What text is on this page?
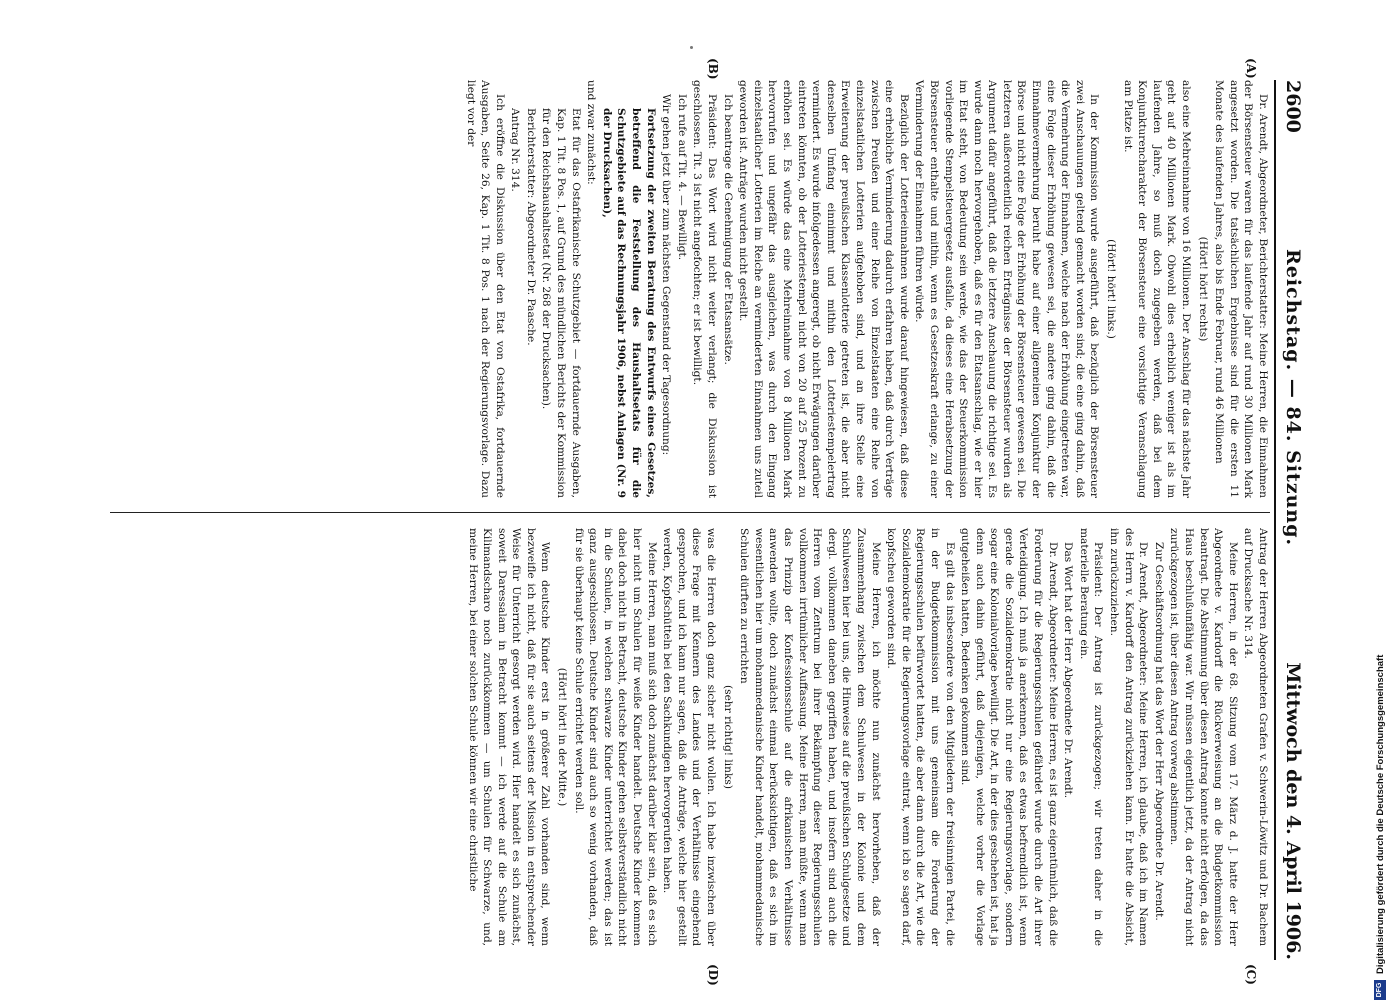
2600
Reichstag. — 84. Sitzung.
Mittwoch den 4. April 1906.
(A)
(B)
(C)
(D)

Dr. Arendt, Abgeordneter, Berichterstatter: Meine Herren, die Einnahmen der Börsensteuer waren für das laufende Jahr auf rund 30 Millionen Mark angesetzt worden. Die tatsächlichen Ergebnisse sind für die ersten 11 Monate des laufenden Jahres, also bis Ende Februar, rund 46 Millionen

(Hört! hört! rechts)

also eine Mehreinnahme von 16 Millionen. Der Anschlag für das nächste Jahr geht auf 40 Millionen Mark. Obwohl dies erheblich weniger ist als im laufenden Jahre, so muß doch zugegeben werden, daß bei dem Konjunkturencharakter der Börsensteuer eine vorsichtige Veranschlagung am Platze ist.

(Hört! hört! links.)

In der Kommission wurde ausgeführt, daß bezüglich der Börsensteuer zwei Anschauungen geltend gemacht worden sind; die eine ging dahin, daß die Vermehrung der Einnahmen, welche nach der Erhöhung eingetreten war, eine Folge dieser Erhöhung gewesen sei, die andere ging dahin, daß die Einnahmevermehrung beruht habe auf einer allgemeinen Konjunktur der Börse und nicht eine Folge der Erhöhung der Börsensteuer gewesen sei. Die letzteren außerordentlich reichen Erträgnisse der Börsensteuer wurden als Argument dafür angeführt, daß die letztere Anschauung die richtige sei. Es wurde dann noch hervorgehoben, daß es für den Etatsanschlag, wie er hier im Etat steht, von Bedeutung sein werde, wie das der Steuerkommission vorliegende Stempelsteuergesetz ausfalle, da dieses eine Herabsetzung der Börsensteuer enthalte und mithin, wenn es Gesetzeskraft erlange, zu einer Verminderung der Einnahmen führen würde.

Bezüglich der Lotterieeinnahmen wurde darauf hingewiesen, daß diese eine erhebliche Verminderung dadurch erfahren haben, daß durch Verträge zwischen Preußen und einer Reihe von Einzelstaaten eine Reihe von einzelstaatlichen Lotterien aufgehoben sind, und an ihre Stelle eine Erweiterung der preußischen Klassenlotterie getreten ist, die aber nicht denselben Umfang einnimmt und mithin den Lotteriestempelertrag vermindert. Es wurde infolgedessen angeregt, ob nicht Erwägungen darüber eintreten könnten, ob der Lotteriestempel nicht von 20 auf 25 Prozent zu erhöhen sei. Es würde das eine Mehreinnahme von 8 Millionen Mark hervorrufen und ungefähr das ausgleichen, was durch den Eingang einzelstaatlicher Lotterien im Reiche an verminderten Einnahmen uns zuteil geworden ist. Anträge wurden nicht gestellt.

Ich beantrage die Genehmigung der Etatsansätze.

Präsident: Das Wort wird nicht weiter verlangt; die Diskussion ist geschlossen. Tit. 3 ist nicht angefochten; er ist bewilligt.

Ich rufe auf Tit. 4. — Bewilligt.

Wir gehen jetzt über zum nächsten Gegenstand der Tagesordnung:

Fortsetzung der zweiten Beratung des Entwurfs eines Gesetzes, betreffend die Feststellung des Haushaltsetats für die Schutzgebiete auf das Rechnungsjahr 1906, nebst Anlagen (Nr. 9 der Drucksachen),

und zwar zunächst:

Etat für das Ostafrikanische Schutzgebiet — fortdauernde Ausgaben, Kap. 1 Tit. 8 Pos. 1, auf Grund des mündlichen Berichts der Kommission für den Reichshaushaltsetat (Nr. 268 der Drucksachen).

Berichterstatter: Abgeordneter Dr. Paasche.

Antrag Nr. 314.

Ich eröffne die Diskussion über den Etat von Ostafrika, fortdauernde Ausgaben, Seite 26, Kap. 1 Tit. 8 Pos. 1 nach der Regierungsvorlage. Dazu liegt vor der

Antrag der Herren Abgeordneten Grafen v. Schwerin-Löwitz und Dr. Bachem auf Drucksache Nr. 314.

Meine Herren, in der 68. Sitzung vom 17. März d. J. hatte der Herr Abgeordnete v. Kardorff die Rückverweisung an die Budgetkommission beantragt. Die Abstimmung über diesen Antrag konnte nicht erfolgen, da das Haus beschlußunfähig war. Wir müssen eigentlich jetzt, da der Antrag nicht zurückgezogen ist, über diesen Antrag vorweg abstimmen.

Zur Geschäftsordnung hat das Wort der Herr Abgeordnete Dr. Arendt.

Dr. Arendt, Abgeordneter: Meine Herren, ich glaube, daß ich im Namen des Herrn v. Kardorff den Antrag zurückziehen kann. Er hatte die Absicht, ihn zurückzuziehen.

Präsident: Der Antrag ist zurückgezogen; wir treten daher in die materielle Beratung ein.

Das Wort hat der Herr Abgeordnete Dr. Arendt.

Dr. Arendt, Abgeordneter: Meine Herren, es ist ganz eigentümlich, daß die Forderung für die Regierungsschulen gefährdet wurde durch die Art ihrer Verteidigung. Ich muß ja anerkennen, daß es etwas befremdlich ist, wenn gerade die Sozialdemokratie nicht nur eine Regierungsvorlage, sondern sogar eine Kolonialvorlage bewilligt. Die Art, in der dies geschehen ist, hat ja denn auch dahin geführt, daß diejenigen, welche vorher die Vorlage gutgeheißen hatten, Bedenken gekommen sind.

Es gilt das insbesondere von den Mitgliedern der freisinnigen Partei, die in der Budgetkommission mit uns gemeinsam die Forderung der Regierungsschulen befürwortet hatten, die aber dann durch die Art, wie die Sozialdemokratie für die Regierungsvorlage eintrat, wenn ich so sagen darf, kopfscheu geworden sind.

Meine Herren, ich möchte nun zunächst hervorheben, daß der Zusammenhang zwischen dem Schulwesen in der Kolonie und dem Schulwesen hier bei uns, die Hinweise auf die preußischen Schulgesetze und dergl. vollkommen daneben gegriffen haben, und insofern sind auch die Herren vom Zentrum bei ihrer Bekämpfung dieser Regierungsschulen vollkommen irrtümlicher Auffassung. Meine Herren, man müßte, wenn man das Prinzip der Konfessionsschule auf die afrikanischen Verhältnisse anwenden wollte, doch zunächst einmal berücksichtigen, daß es sich im wesentlichen hier um mohammedanische Kinder handelt, mohammedanische Schulen dürften zu errichten

(sehr richtig! links)

was die Herren doch ganz sicher nicht wollen. Ich habe inzwischen über diese Frage mit Kennern des Landes und der Verhältnisse eingehend gesprochen, und ich kann nur sagen, daß die Anträge, welche hier gestellt werden, Kopfschütteln bei den Sachkundigen hervorgerufen haben.

Meine Herren, man muß sich doch zunächst darüber klar sein, daß es sich hier nicht um Schulen für weiße Kinder handelt. Deutsche Kinder kommen dabei doch nicht in Betracht, deutsche Kinder gehen selbstverständlich nicht in die Schulen, in welchen schwarze Kinder unterrichtet werden; das ist ganz ausgeschlossen. Deutsche Kinder sind auch so wenig vorhanden, daß für sie überhaupt keine Schule errichtet werden soll.

(Hört! hört! in der Mitte.)

Wenn deutsche Kinder erst in größerer Zahl vorhanden sind, wenn bezweifle ich nicht, daß für sie auch seitens der Mission in entsprechender Weise für Unterricht gesorgt werden wird. Hier handelt es sich zunächst, soweit Daressalam in Betracht kommt — ich werde auf die Schule am Kilimandscharo noch zurückkommen — um Schulen für Schwarze, und, meine Herren, bei einer solchen Schule können wir eine christliche

DFG
Digitalisierung gefördert durch die Deutsche Forschungsgemeinschaft
